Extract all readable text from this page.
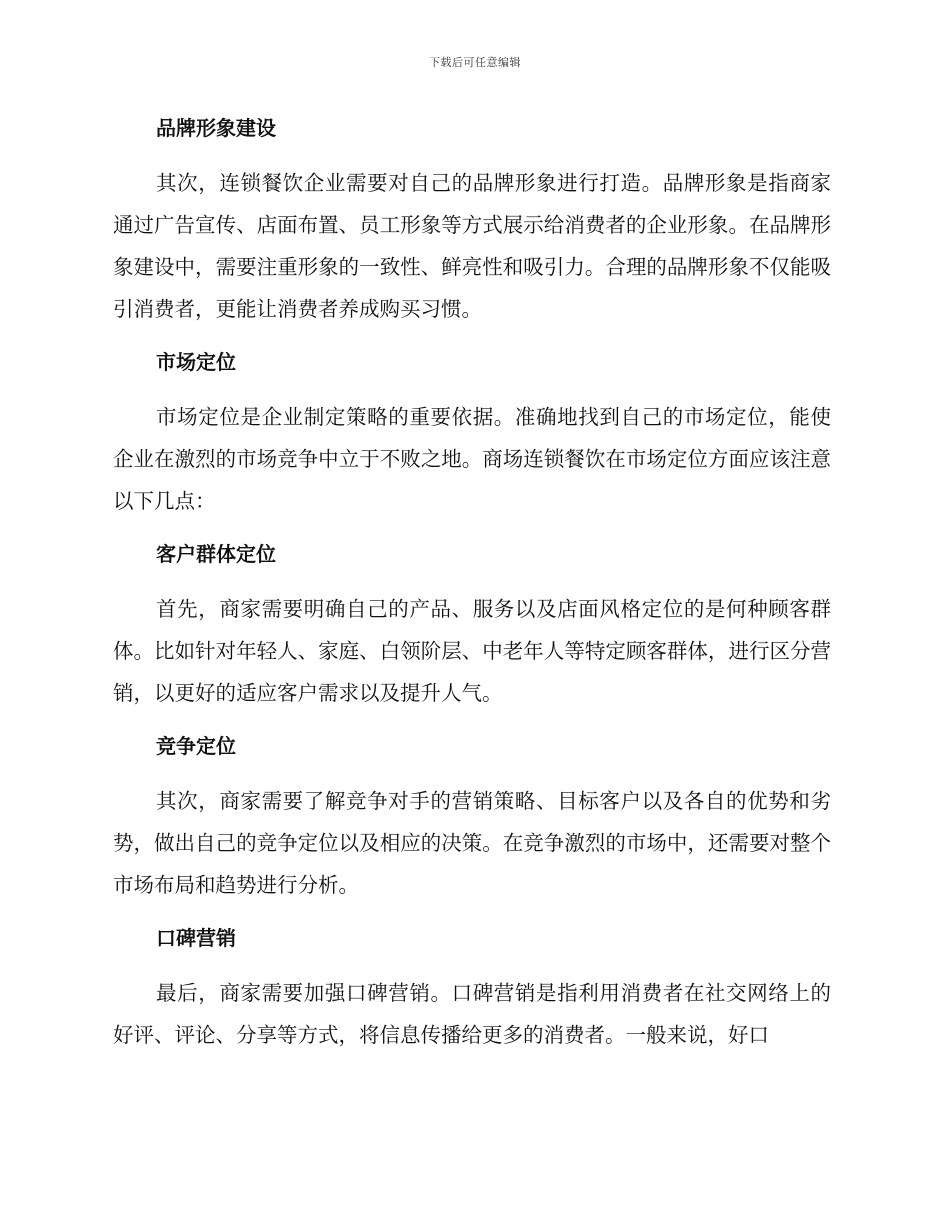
下载后可任意编辑
品牌形象建设

其次，连锁餐饮企业需要对自己的品牌形象进行打造。品牌形象是指商家通过广告宣传、店面布置、员工形象等方式展示给消费者的企业形象。在品牌形象建设中，需要注重形象的一致性、鲜亮性和吸引力。合理的品牌形象不仅能吸引消费者，更能让消费者养成购买习惯。

市场定位

市场定位是企业制定策略的重要依据。准确地找到自己的市场定位，能使企业在激烈的市场竞争中立于不败之地。商场连锁餐饮在市场定位方面应该注意以下几点：

客户群体定位

首先，商家需要明确自己的产品、服务以及店面风格定位的是何种顾客群体。比如针对年轻人、家庭、白领阶层、中老年人等特定顾客群体，进行区分营销，以更好的适应客户需求以及提升人气。

竞争定位

其次，商家需要了解竞争对手的营销策略、目标客户以及各自的优势和劣势，做出自己的竞争定位以及相应的决策。在竞争激烈的市场中，还需要对整个市场布局和趋势进行分析。

口碑营销

最后，商家需要加强口碑营销。口碑营销是指利用消费者在社交网络上的好评、评论、分享等方式，将信息传播给更多的消费者。一般来说，好口
